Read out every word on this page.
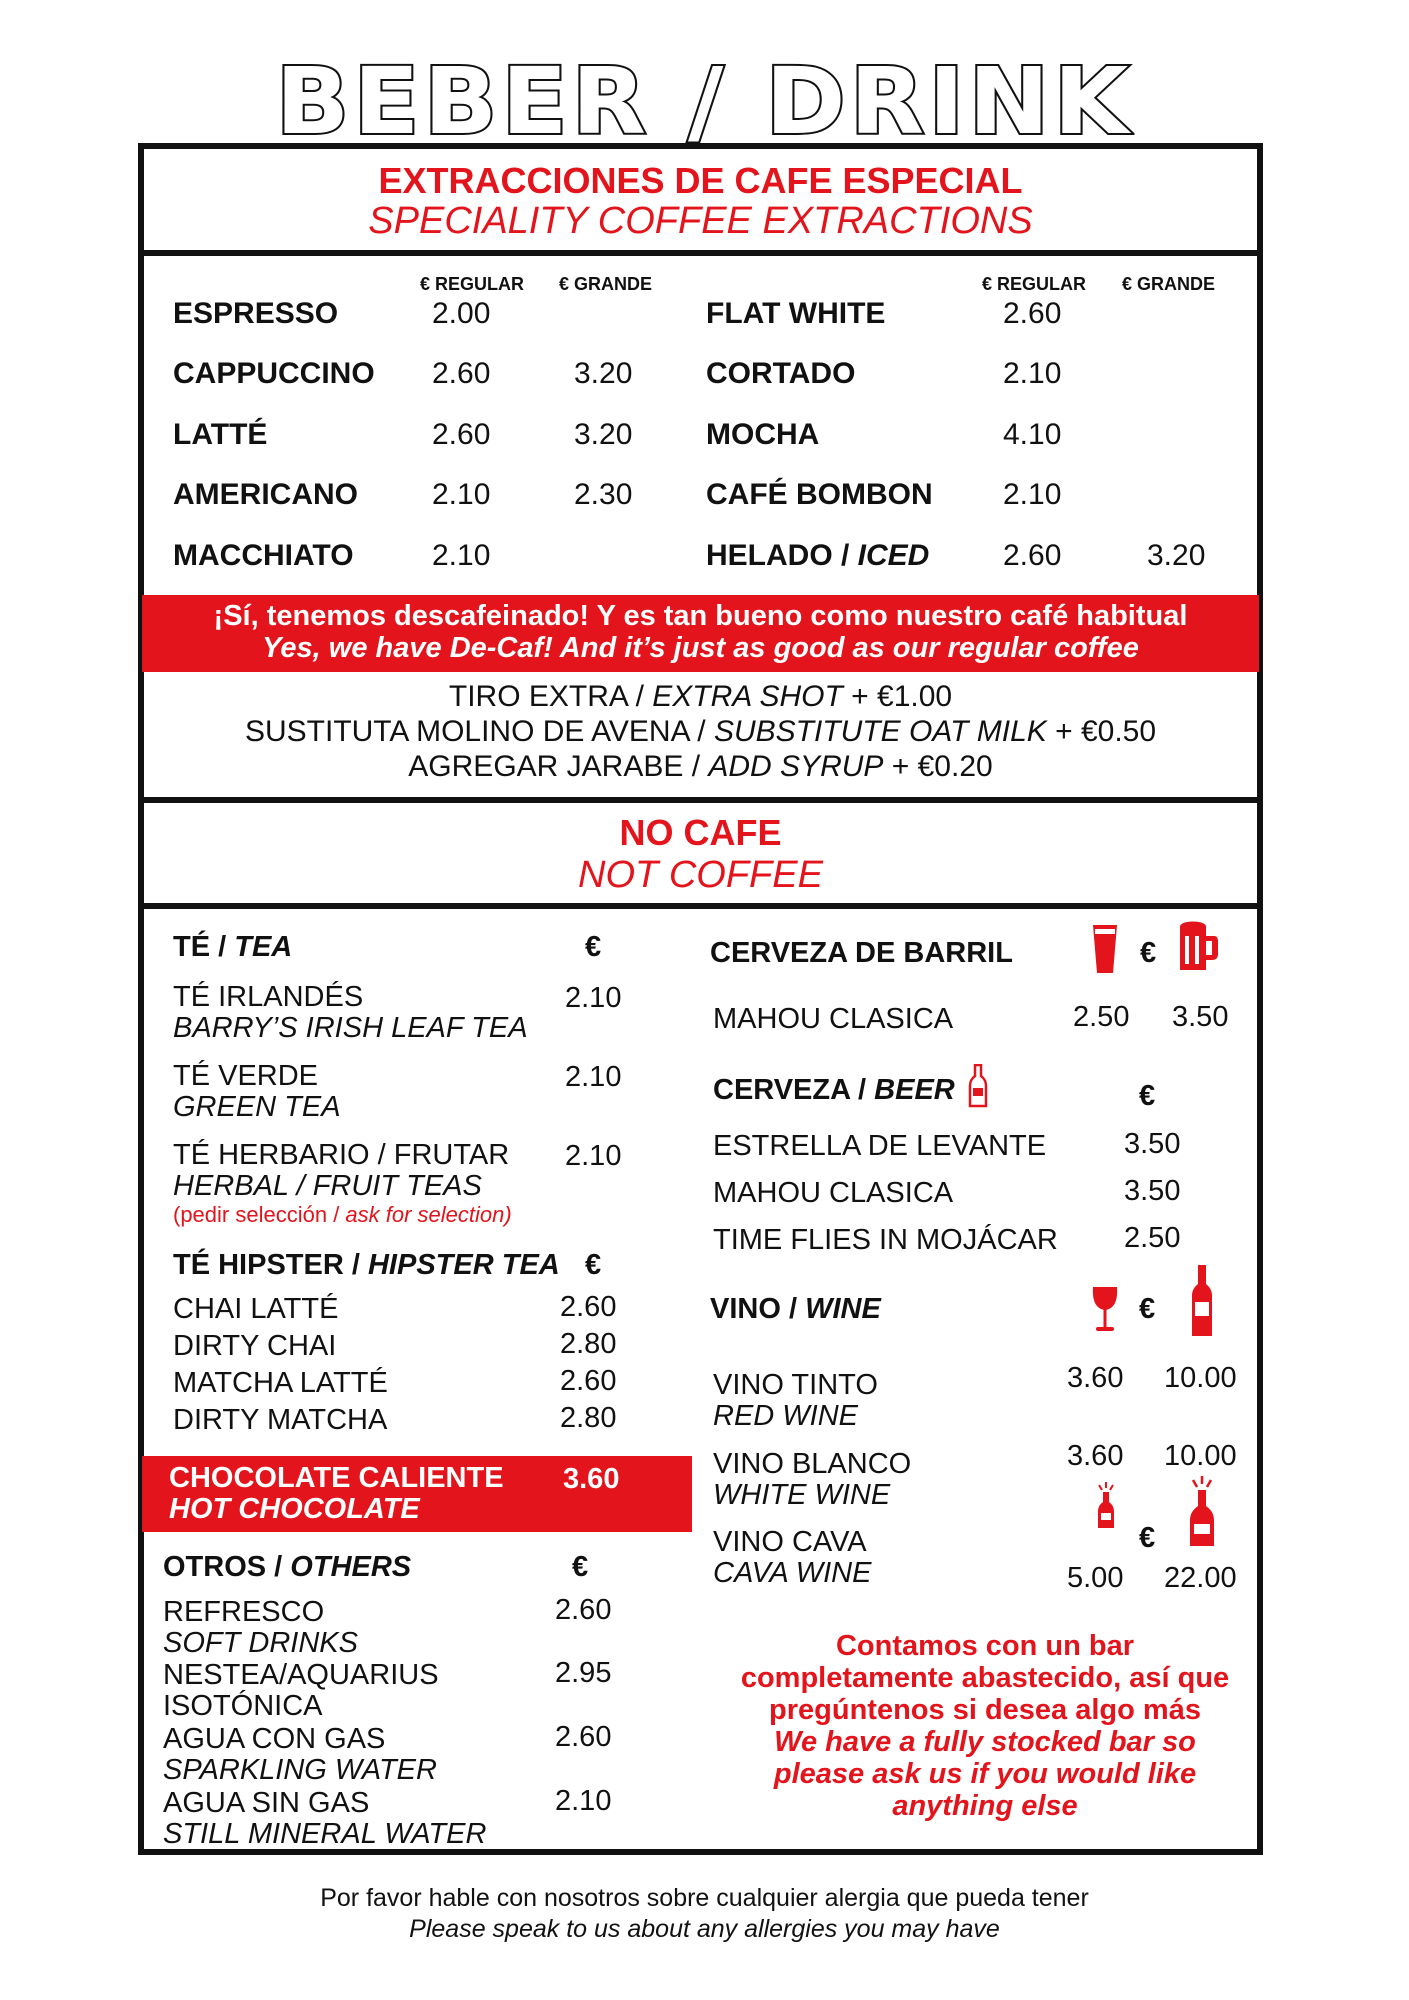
BEBER / DRINK
EXTRACCIONES DE CAFE ESPECIAL
SPECIALITY COFFEE EXTRACTIONS
€ REGULAR € GRANDE	€ REGULAR € GRANDE
ESPRESSO	2.00
CAPPUCCINO 2.60	3.20
LATTÉ	2.60	3.20
AMERICANO 2.10	2.30
MACCHIATO	2.10
FLAT WHITE	2.60
CORTADO	2.10
MOCHA	4.10
CAFÉ BOMBON 2.10
HELADO / ICED 2.60	3.20
¡Sí, tenemos descafeinado! Y es tan bueno como nuestro café habitual
Yes, we have De-Caf! And it’s just as good as our regular coffee
TIRO EXTRA / EXTRA SHOT + €1.00
SUSTITUTA MOLINO DE AVENA / SUBSTITUTE OAT MILK + €0.50
AGREGAR JARABE / ADD SYRUP + €0.20
NO CAFE
NOT COFFEE
TÉ / TEA	€
TÉ IRLANDÉS
BARRY’S IRISH LEAF TEA
2.10
TÉ VERDE
GREEN TEA
2.10
TÉ HERBARIO / FRUTAR
HERBAL / FRUIT TEAS
2.10
(pedir selección / ask for selection)
TÉ HIPSTER / HIPSTER TEA €
CHAI LATTÉ	2.60
DIRTY CHAI	2.80
MATCHA LATTÉ	2.60
DIRTY MATCHA	2.80
CHOCOLATE CALIENTE
HOT CHOCOLATE
3.60
OTROS / OTHERS	€
REFRESCO
SOFT DRINKS
2.60
NESTEA/AQUARIUS
ISOTÓNICA
2.95
AGUA CON GAS
SPARKLING WATER
2.60
AGUA SIN GAS
STILL MINERAL WATER
2.10
CERVEZA DE BARRIL	€
MAHOU CLASICA	2.50 3.50
CERVEZA / BEER	€
ESTRELLA DE LEVANTE	3.50
MAHOU CLASICA	3.50
TIME FLIES IN MOJÁCAR 2.50
VINO / WINE	€
VINO TINTO
RED WINE
3.60 10.00
VINO BLANCO
WHITE WINE
3.60 10.00
VINO CAVA
CAVA WINE
€
5.00 22.00
Contamos con un bar
completamente abastecido, así que
pregúntenos si desea algo más
We have a fully stocked bar so
please ask us if you would like
anything else
Por favor hable con nosotros sobre cualquier alergia que pueda tener
Please speak to us about any allergies you may have
